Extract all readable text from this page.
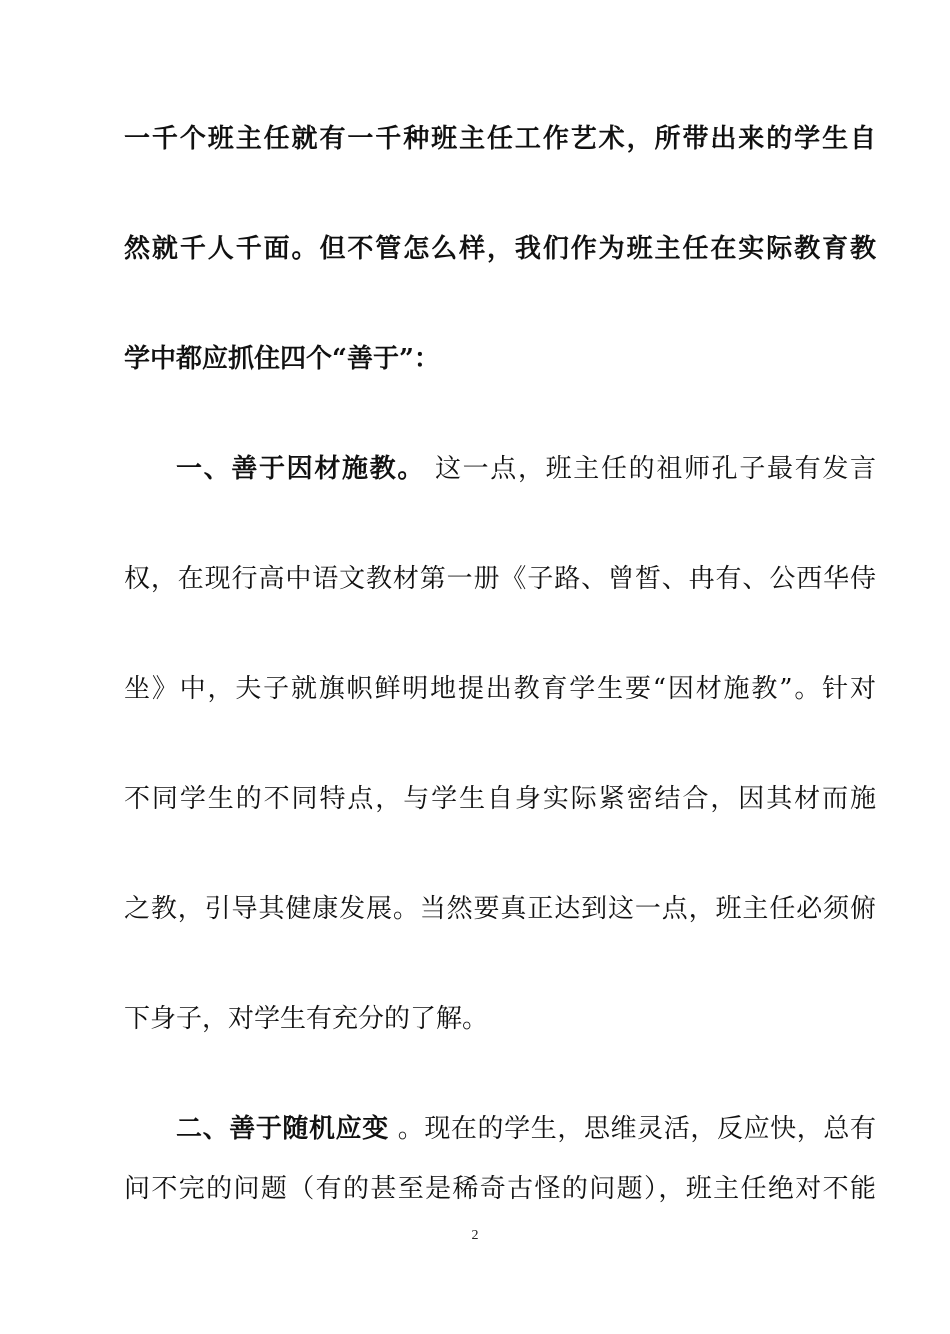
一千个班主任就有一千种班主任工作艺术，所带出来的学生自
然就千人千面。但不管怎么样，我们作为班主任在实际教育教
学中都应抓住四个“善于”：
一、善于因材施教。 这一点，班主任的祖师孔子最有发言
权，在现行高中语文教材第一册《子路、曾皙、冉有、公西华侍
坐》中，夫子就旗帜鲜明地提出教育学生要“因材施教”。针对
不同学生的不同特点，与学生自身实际紧密结合，因其材而施
之教，引导其健康发展。当然要真正达到这一点，班主任必须俯
下身子，对学生有充分的了解。
二、善于随机应变 。现在的学生，思维灵活，反应快，总有
问不完的问题（有的甚至是稀奇古怪的问题），班主任绝对不能
2
